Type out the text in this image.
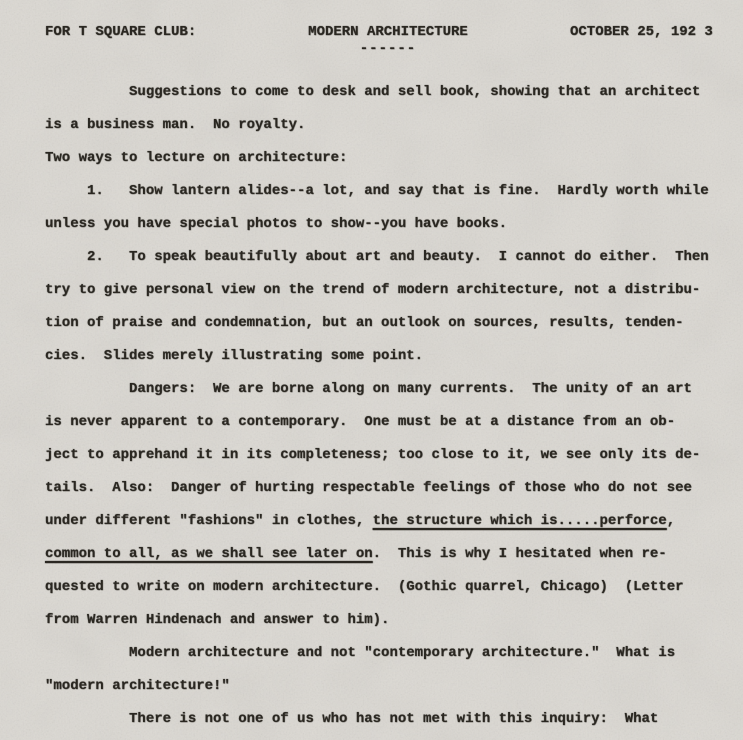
FOR T SQUARE CLUB:	MODERN ARCHITECTURE
------
OCTOBER 25, 192 3
Suggestions to come to desk and sell book, showing that an architect
is a business man.  No royalty.
Two ways to lecture on architecture:
1.   Show lantern alides--a lot, and say that is fine.  Hardly worth while
unless you have special photos to show--you have books.
2.   To speak beautifully about art and beauty.  I cannot do either.  Then
try to give personal view on the trend of modern architecture, not a distribu-
tion of praise and condemnation, but an outlook on sources, results, tenden-
cies.  Slides merely illustrating some point.
Dangers:  We are borne along on many currents.  The unity of an art
is never apparent to a contemporary.  One must be at a distance from an ob-
ject to apprehand it in its completeness; too close to it, we see only its de-
tails.  Also:  Danger of hurting respectable feelings of those who do not see
under different "fashions" in clothes, the structure which is.....perforce,
common to all, as we shall see later on.  This is why I hesitated when re-
quested to write on modern architecture.  (Gothic quarrel, Chicago)  (Letter
from Warren Hindenach and answer to him).
Modern architecture and not "contemporary architecture."  What is
"modern architecture!"
There is not one of us who has not met with this inquiry:  What
